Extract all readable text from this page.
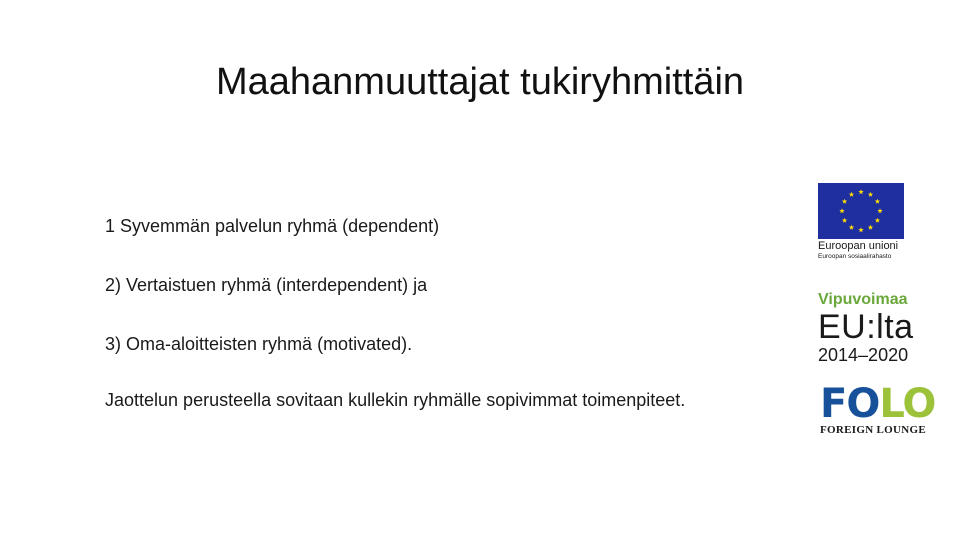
Maahanmuuttajat tukiryhmittäin

1 Syvemmän palvelun ryhmä (dependent)

2) Vertaistuen ryhmä (interdependent) ja

3) Oma-aloitteisten ryhmä (motivated).

Jaottelun perusteella sovitaan kullekin ryhmälle sopivimmat toimenpiteet.

Euroopan unioni
Euroopan sosiaalirahasto
Vipuvoimaa
EU:lta
2014–2020
FOLO
FOREIGN LOUNGE
